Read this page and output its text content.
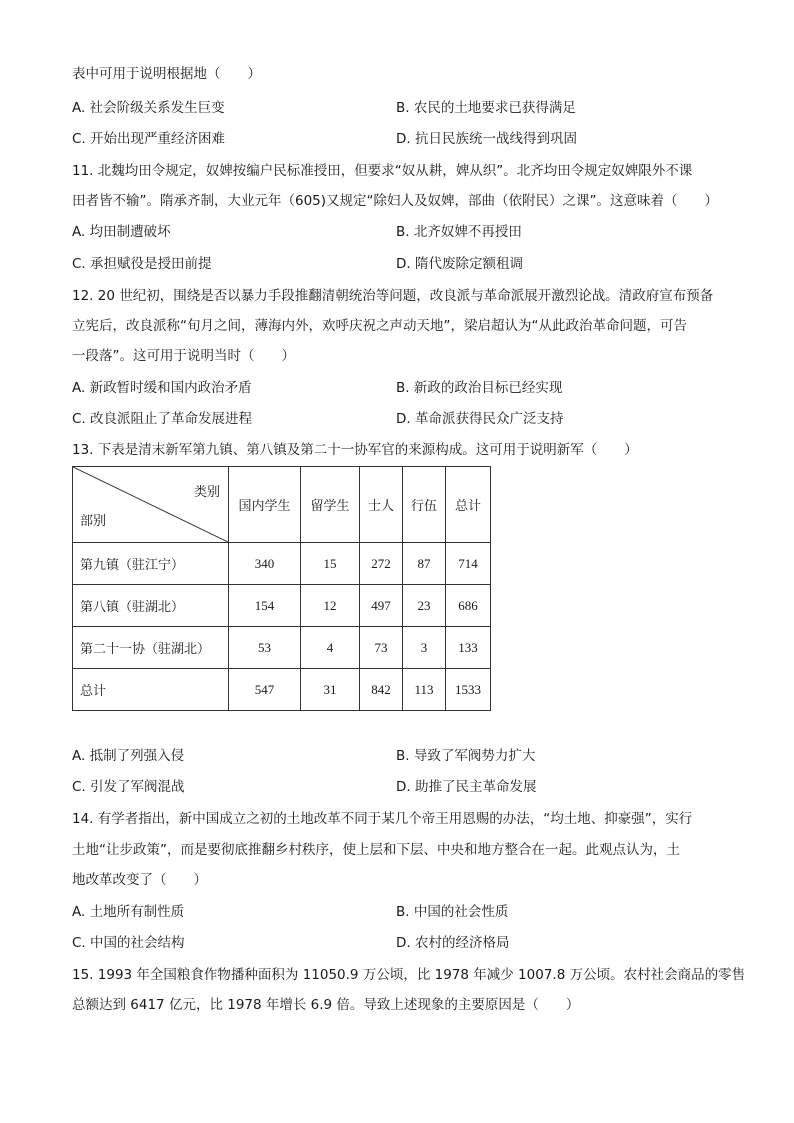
表中可用于说明根据地（　　）
A. 社会阶级关系发生巨变	B. 农民的土地要求已获得满足
C. 开始出现严重经济困难	D. 抗日民族统一战线得到巩固
11. 北魏均田令规定，奴婢按编户民标准授田，但要求“奴从耕，婢从织”。北齐均田令规定奴婢限外不课
田者皆不输”。隋承齐制，大业元年（605)又规定“除妇人及奴婢，部曲（依附民）之课”。这意味着（　　）
A. 均田制遭破坏	B. 北齐奴婢不再授田
C. 承担赋役是授田前提	D. 隋代废除定额租调
12. 20 世纪初，围绕是否以暴力手段推翻清朝统治等问题，改良派与革命派展开激烈论战。清政府宣布预备
立宪后，改良派称“旬月之间，薄海内外，欢呼庆祝之声动天地”，梁启超认为“从此政治革命问题，可告
一段落”。这可用于说明当时（　　）
A. 新政暂时缓和国内政治矛盾	B. 新政的政治目标已经实现
C. 改良派阻止了革命发展进程	D. 革命派获得民众广泛支持
13. 下表是清末新军第九镇、第八镇及第二十一协军官的来源构成。这可用于说明新军（　　）
类别
部别	国内学生	留学生	士人	行伍	总计
第九镇（驻江宁）	340	15	272	87	714
第八镇（驻湖北）	154	12	497	23	686
第二十一协（驻湖北）	53	4	73	3	133
总计	547	31	842	113	1533
A. 抵制了列强入侵	B. 导致了军阀势力扩大
C. 引发了军阀混战	D. 助推了民主革命发展
14. 有学者指出，新中国成立之初的土地改革不同于某几个帝王用恩赐的办法，“均土地、抑豪强”，实行
土地“让步政策”，而是要彻底推翻乡村秩序，使上层和下层、中央和地方整合在一起。此观点认为，土
地改革改变了（　　）
A. 土地所有制性质	B. 中国的社会性质
C. 中国的社会结构	D. 农村的经济格局
15. 1993 年全国粮食作物播种面积为 11050.9 万公顷，比 1978 年减少 1007.8 万公顷。农村社会商品的零售
总额达到 6417 亿元，比 1978 年增长 6.9 倍。导致上述现象的主要原因是（　　）
